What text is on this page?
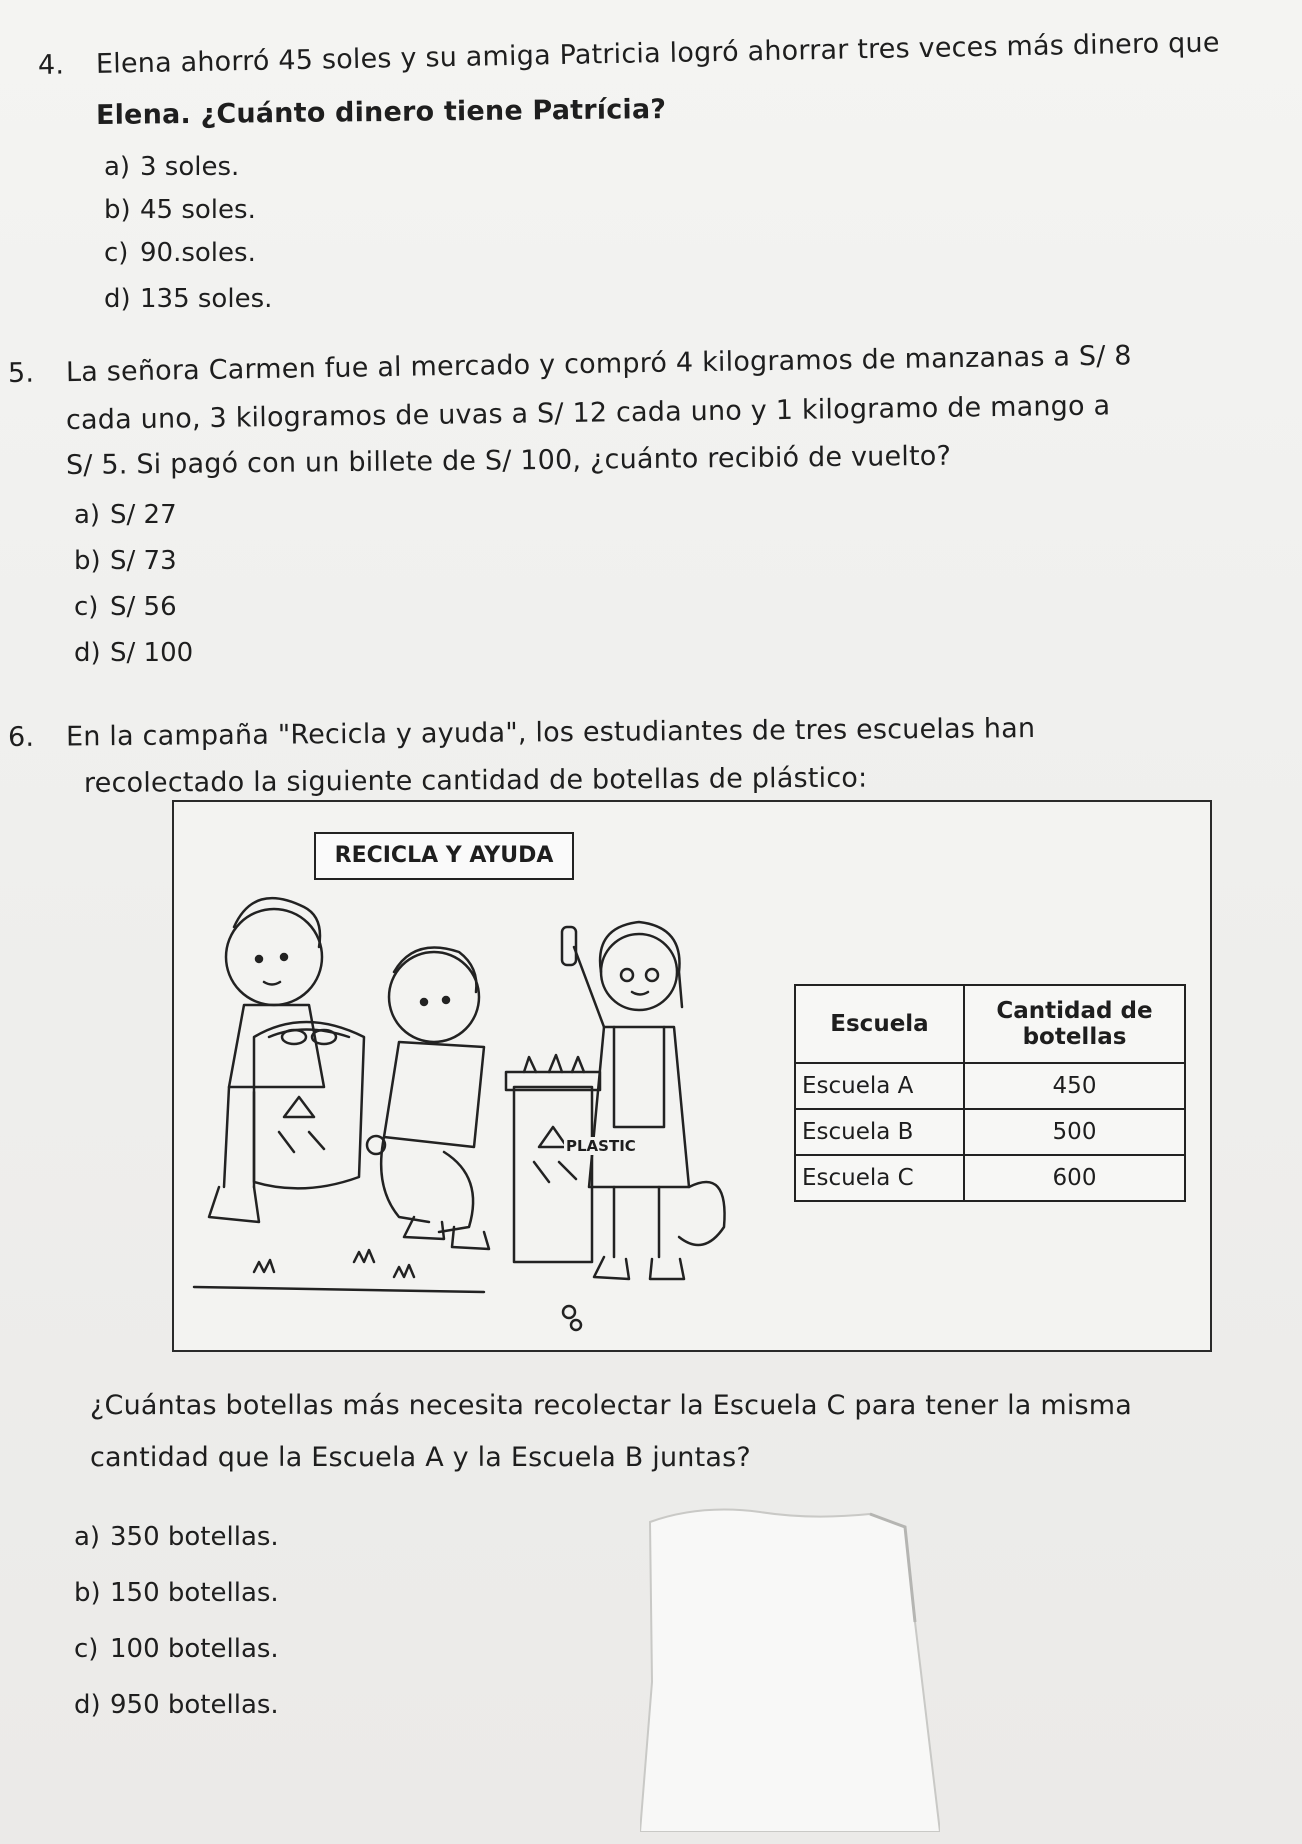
4. Elena ahorró 45 soles y su amiga Patricia logró ahorrar tres veces más dinero que
Elena. ¿Cuánto dinero tiene Patrícia?
a) 3 soles.
b) 45 soles.
c) 90.soles.
d) 135 soles.
5. La señora Carmen fue al mercado y compró 4 kilogramos de manzanas a S/ 8
cada uno, 3 kilogramos de uvas a S/ 12 cada uno y 1 kilogramo de mango a
S/ 5. Si pagó con un billete de S/ 100, ¿cuánto recibió de vuelto?
a) S/ 27
b) S/ 73
c) S/ 56
d) S/ 100
6. En la campaña "Recicla y ayuda", los estudiantes de tres escuelas han
recolectado la siguiente cantidad de botellas de plástico:
RECICLA Y AYUDA
PLASTIC
Escuela	Cantidad de botellas
Escuela A	450
Escuela B	500
Escuela C	600
¿Cuántas botellas más necesita recolectar la Escuela C para tener la misma
cantidad que la Escuela A y la Escuela B juntas?
a) 350 botellas.
b) 150 botellas.
c) 100 botellas.
d) 950 botellas.
